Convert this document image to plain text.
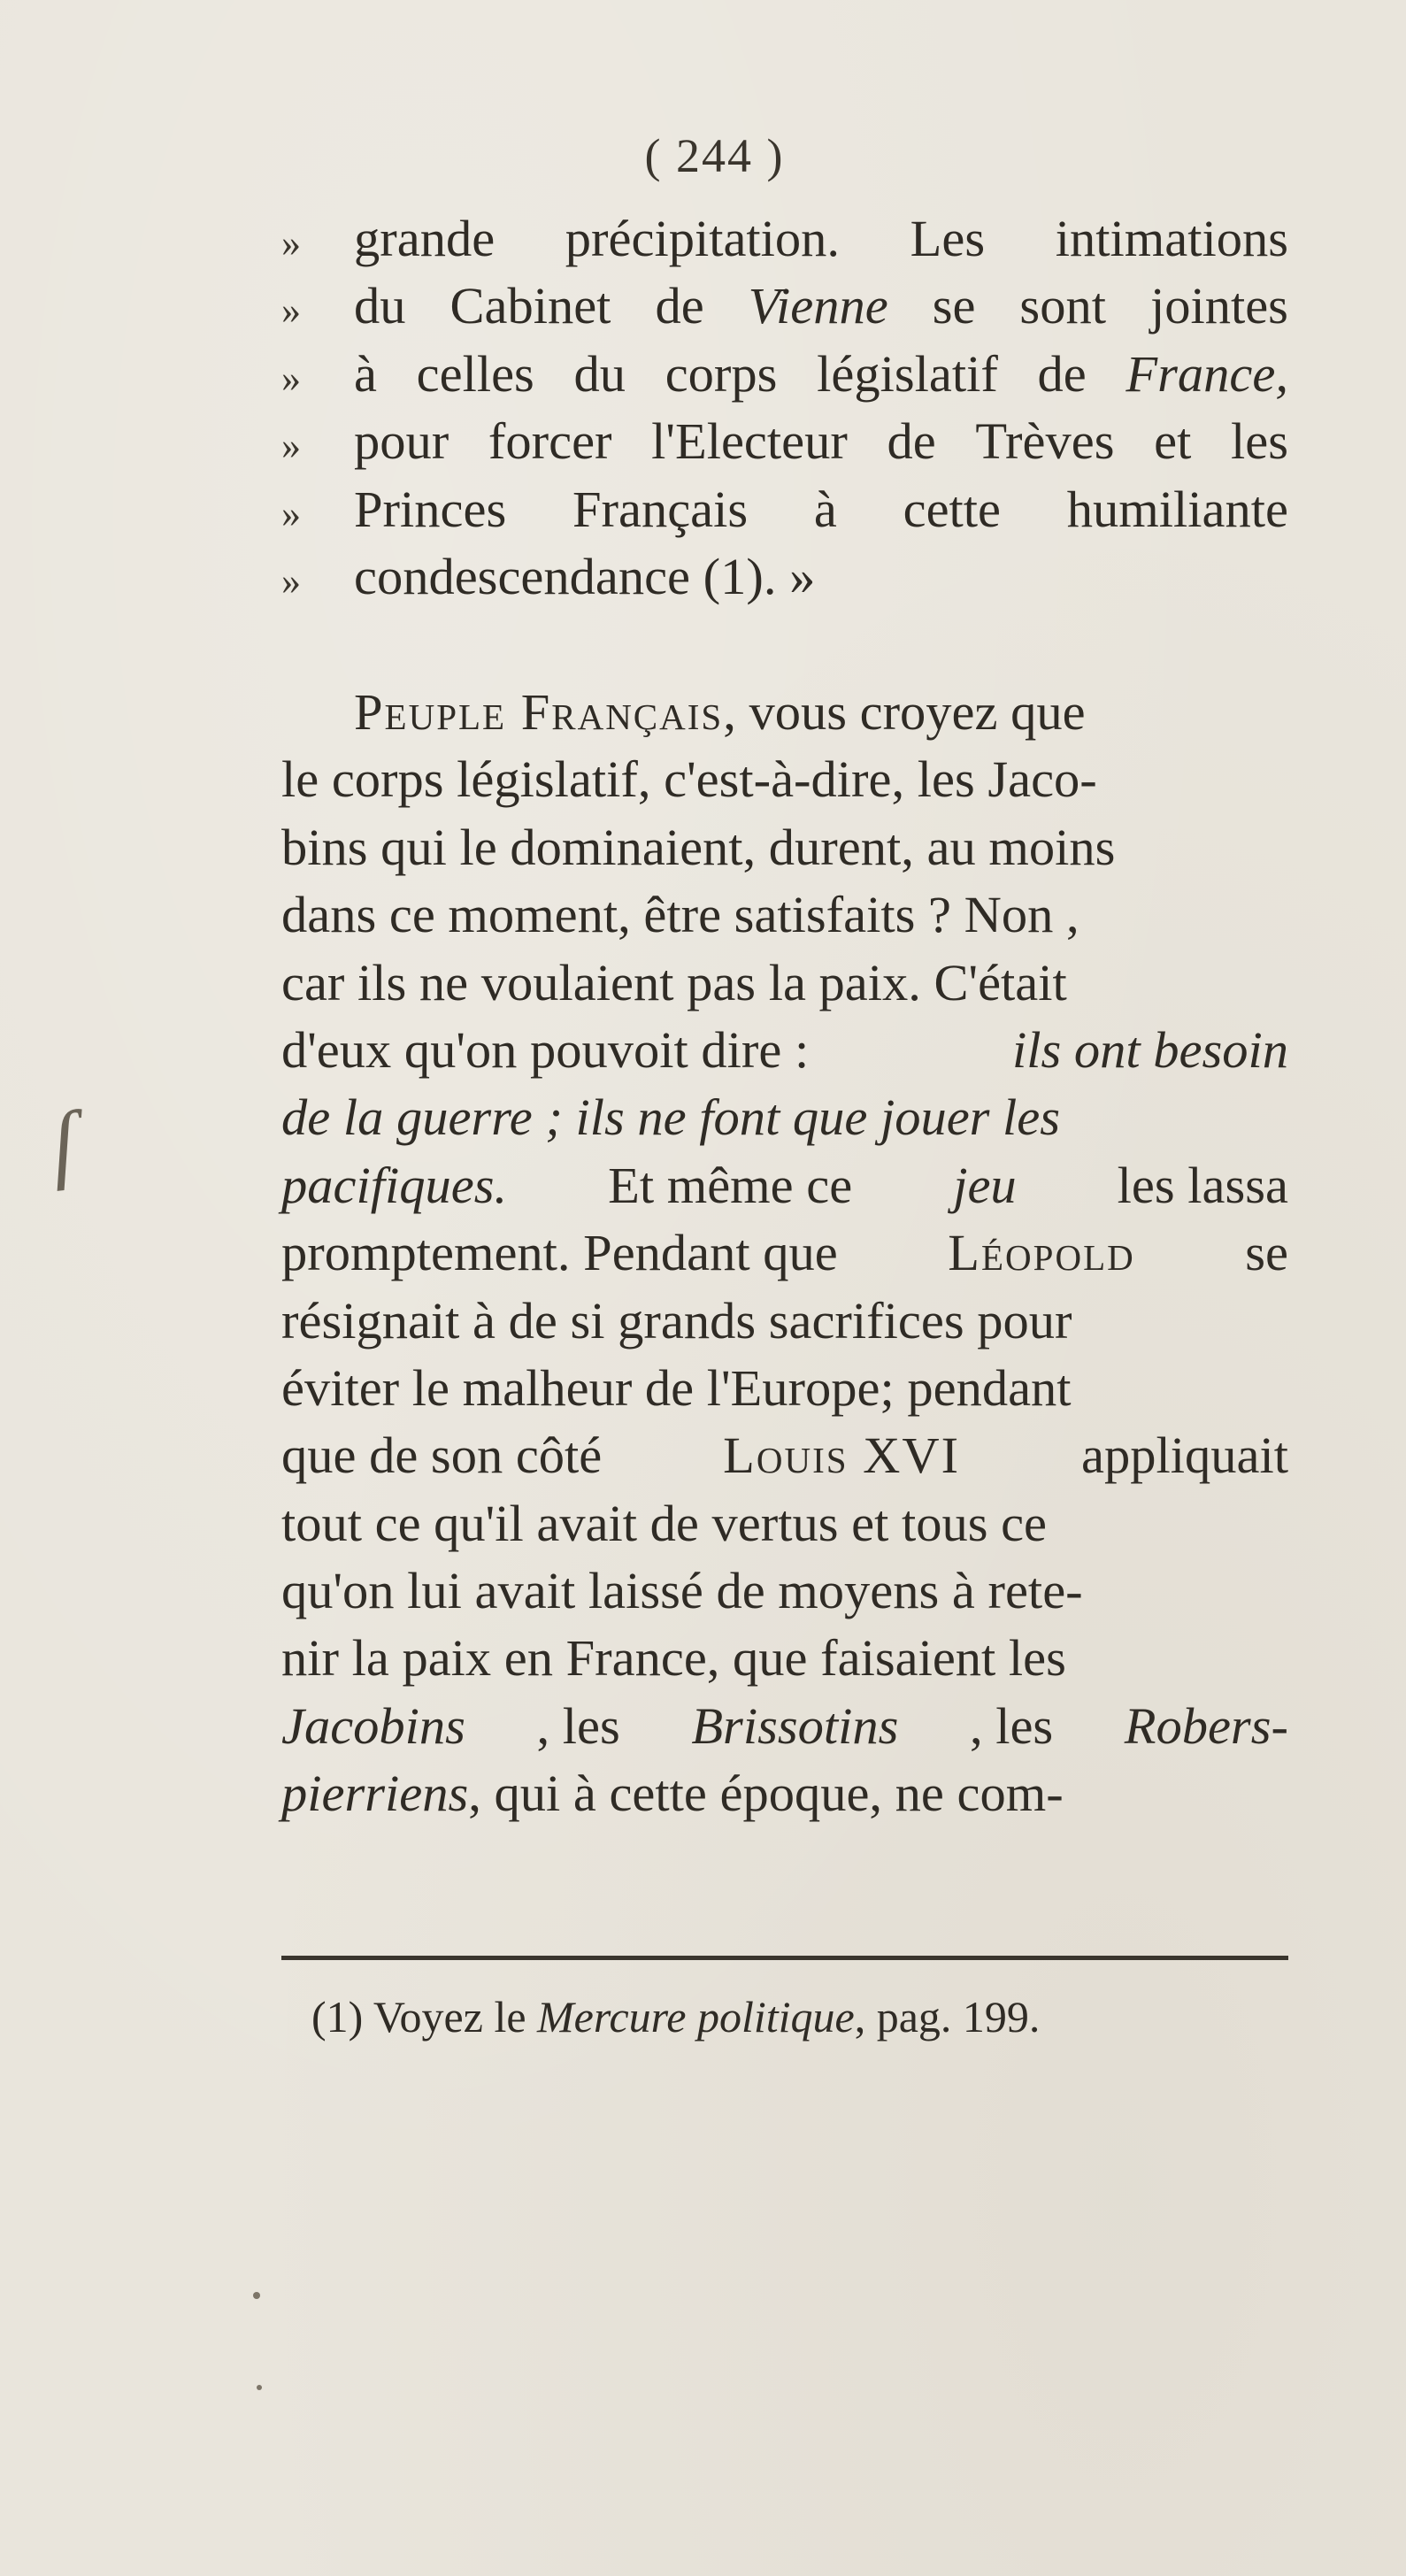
( 244 )
»	grande précipitation. Les intimations
»	du Cabinet de Vienne se sont jointes
»	à celles du corps législatif de France,
»	pour forcer l'Electeur de Trèves et les
»	Princes Français à cette humiliante
»	condescendance (1). »
Peuple Français, vous croyez que
le corps législatif, c'est-à-dire, les Jaco-
bins qui le dominaient, durent, au moins
dans ce moment, être satisfaits ? Non ,
car ils ne voulaient pas la paix. C'était
d'eux qu'on pouvoit dire :	ils ont besoin
de la guerre ; ils ne font que jouer les
pacifiques. Et même ce jeu les lassa
promptement. Pendant que Léopold se
résignait à de si grands sacrifices pour
éviter le malheur de l'Europe; pendant
que de son côté Louis XVI appliquait
tout ce qu'il avait de vertus et tous ce
qu'on lui avait laissé de moyens à rete-
nir la paix en France, que faisaient les
Jacobins , les Brissotins , les Robers-
pierriens, qui à cette époque, ne com-
(1) Voyez le Mercure politique, pag. 199.
ſ
